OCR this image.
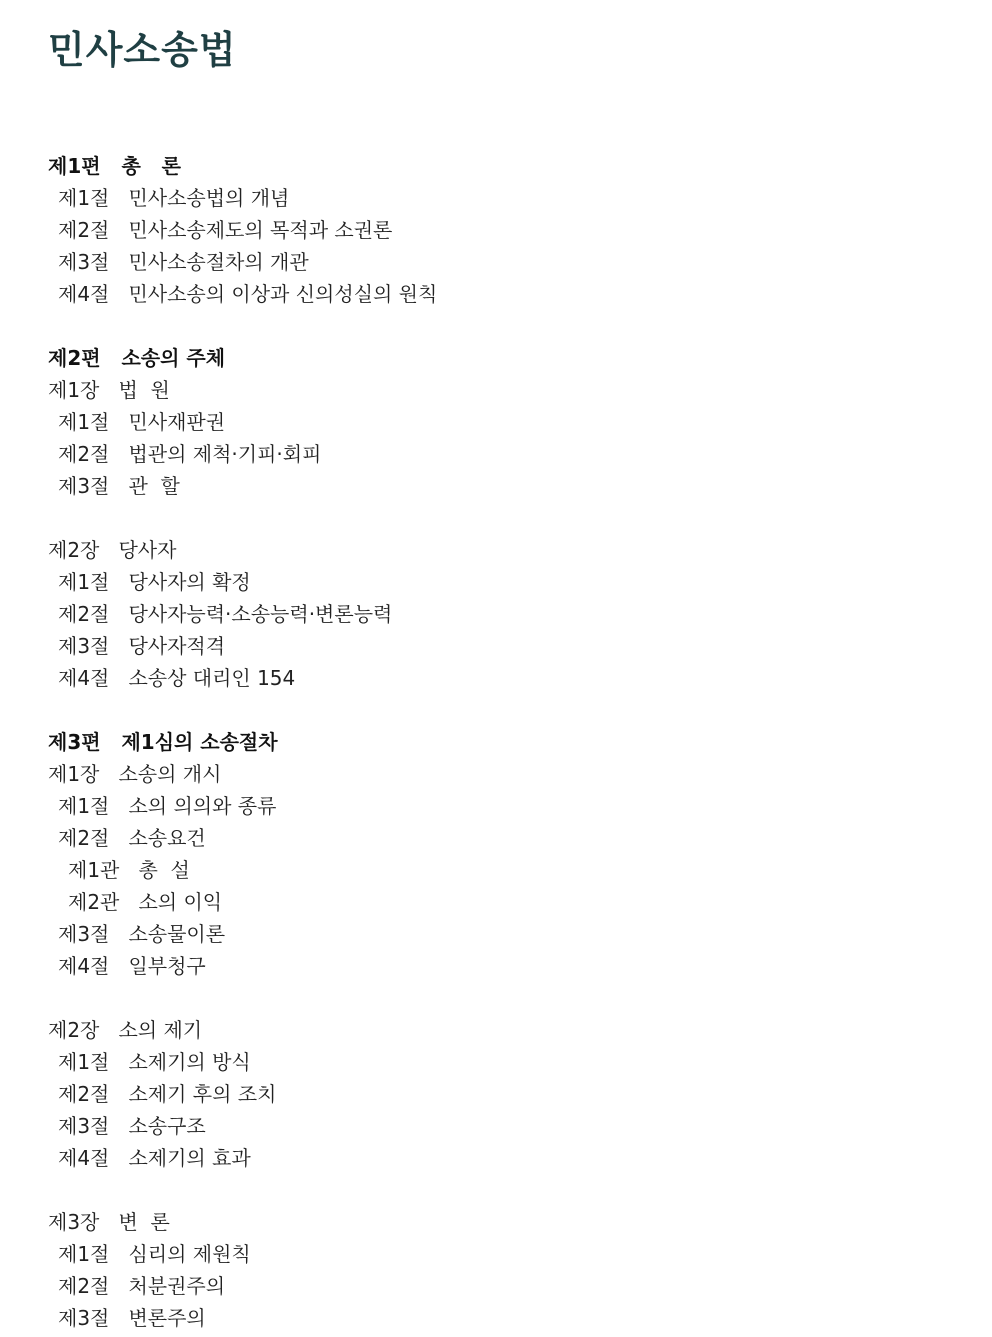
민사소송법
제1편 총   론
제1절 민사소송법의 개념
제2절 민사소송제도의 목적과 소권론
제3절 민사소송절차의 개관
제4절 민사소송의 이상과 신의성실의 원칙
제2편 소송의 주체
제1장 법  원
제1절 민사재판권
제2절 법관의 제척·기피·회피
제3절 관  할
제2장 당사자
제1절 당사자의 확정
제2절 당사자능력·소송능력·변론능력
제3절 당사자적격
제4절 소송상 대리인 154
제3편 제1심의 소송절차
제1장 소송의 개시
제1절 소의 의의와 종류
제2절 소송요건
제1관 총  설
제2관 소의 이익
제3절 소송물이론
제4절 일부청구
제2장 소의 제기
제1절 소제기의 방식
제2절 소제기 후의 조치
제3절 소송구조
제4절 소제기의 효과
제3장 변  론
제1절 심리의 제원칙
제2절 처분권주의
제3절 변론주의
